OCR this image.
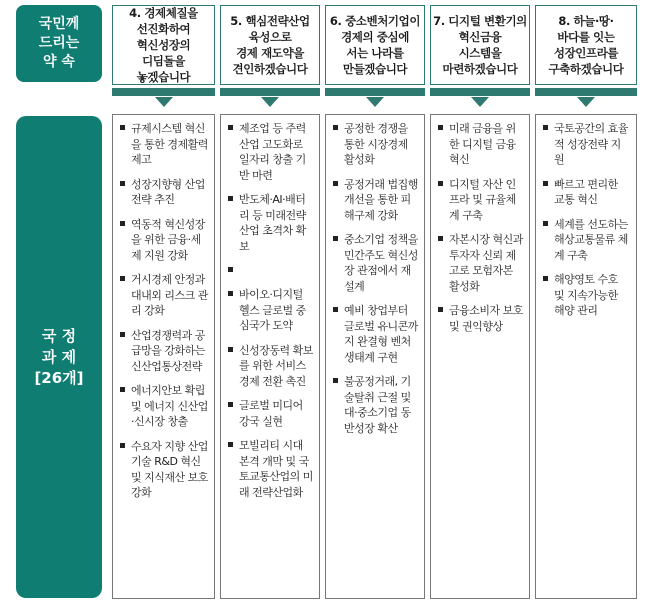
국민께
드리는
약 속
국 정
과 제
[26개]
4. 경제체질을
선진화하여
혁신성장의
디딤돌을
놓겠습니다
규제시스템 혁신을 통한 경제활력 제고
성장지향형 산업전략 추진
역동적 혁신성장을 위한 금융·세제 지원 강화
거시경제 안정과 대내외 리스크 관리 강화
산업경쟁력과 공급망을 강화하는 신산업통상전략
에너지안보 확립 및 에너지 신산업·신시장 창출
수요자 지향 산업기술 R&D 혁신 및 지식재산 보호 강화
5. 핵심전략산업
육성으로
경제 재도약을
견인하겠습니다
제조업 등 주력산업 고도화로 일자리 창출 기반 마련
반도체·AI·배터리 등 미래전략산업 초격차 확보
바이오·디지털 헬스 글로벌 중심국가 도약
신성장동력 확보를 위한 서비스 경제 전환 촉진
글로벌 미디어 강국 실현
모빌리티 시대 본격 개막 및 국토교통산업의 미래 전략산업화
6. 중소벤처기업이
경제의 중심에
서는 나라를
만들겠습니다
공정한 경쟁을 통한 시장경제 활성화
공정거래 법집행 개선을 통한 피해구제 강화
중소기업 정책을 민간주도 혁신성장 관점에서 재설계
예비 창업부터 글로벌 유니콘까지 완결형 벤처생태계 구현
불공정거래, 기술탈취 근절 및 대·중소기업 동반성장 확산
7. 디지털 변환기의
혁신금융
시스템을
마련하겠습니다
미래 금융을 위한 디지털 금융혁신
디지털 자산 인프라 및 규율체계 구축
자본시장 혁신과 투자자 신뢰 제고로 모험자본 활성화
금융소비자 보호 및 권익향상
8. 하늘·땅·
바다를 잇는
성장인프라를
구축하겠습니다
국토공간의 효율적 성장전략 지원
빠르고 편리한 교통 혁신
세계를 선도하는 해상교통물류 체계 구축
해양영토 수호 및 지속가능한 해양 관리
